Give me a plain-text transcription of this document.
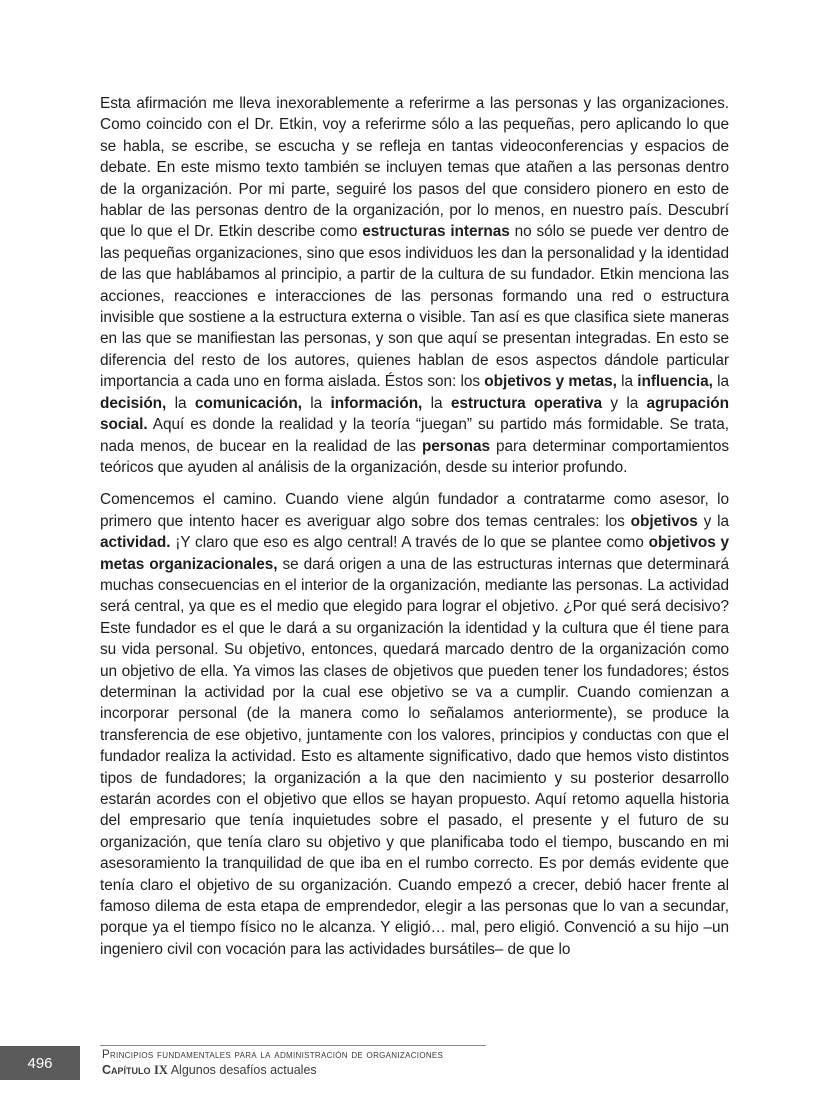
Esta afirmación me lleva inexorablemente a referirme a las personas y las organizaciones. Como coincido con el Dr. Etkin, voy a referirme sólo a las pequeñas, pero aplicando lo que se habla, se escribe, se escucha y se refleja en tantas videoconferencias y espacios de debate. En este mismo texto también se incluyen temas que atañen a las personas dentro de la organización. Por mi parte, seguiré los pasos del que considero pionero en esto de hablar de las personas dentro de la organización, por lo menos, en nuestro país. Descubrí que lo que el Dr. Etkin describe como estructuras internas no sólo se puede ver dentro de las pequeñas organizaciones, sino que esos individuos les dan la personalidad y la identidad de las que hablábamos al principio, a partir de la cultura de su fundador. Etkin menciona las acciones, reacciones e interacciones de las personas formando una red o estructura invisible que sostiene a la estructura externa o visible. Tan así es que clasifica siete maneras en las que se manifiestan las personas, y son que aquí se presentan integradas. En esto se diferencia del resto de los autores, quienes hablan de esos aspectos dándole particular importancia a cada uno en forma aislada. Éstos son: los objetivos y metas, la influencia, la decisión, la comunicación, la información, la estructura operativa y la agrupación social. Aquí es donde la realidad y la teoría “juegan” su partido más formidable. Se trata, nada menos, de bucear en la realidad de las personas para determinar comportamientos teóricos que ayuden al análisis de la organización, desde su interior profundo.

Comencemos el camino. Cuando viene algún fundador a contratarme como asesor, lo primero que intento hacer es averiguar algo sobre dos temas centrales: los objetivos y la actividad. ¡Y claro que eso es algo central! A través de lo que se plantee como objetivos y metas organizacionales, se dará origen a una de las estructuras internas que determinará muchas consecuencias en el interior de la organización, mediante las personas. La actividad será central, ya que es el medio que elegido para lograr el objetivo. ¿Por qué será decisivo? Este fundador es el que le dará a su organización la identidad y la cultura que él tiene para su vida personal. Su objetivo, entonces, quedará marcado dentro de la organización como un objetivo de ella. Ya vimos las clases de objetivos que pueden tener los fundadores; éstos determinan la actividad por la cual ese objetivo se va a cumplir. Cuando comienzan a incorporar personal (de la manera como lo señalamos anteriormente), se produce la transferencia de ese objetivo, juntamente con los valores, principios y conductas con que el fundador realiza la actividad. Esto es altamente significativo, dado que hemos visto distintos tipos de fundadores; la organización a la que den nacimiento y su posterior desarrollo estarán acordes con el objetivo que ellos se hayan propuesto. Aquí retomo aquella historia del empresario que tenía inquietudes sobre el pasado, el presente y el futuro de su organización, que tenía claro su objetivo y que planificaba todo el tiempo, buscando en mi asesoramiento la tranquilidad de que iba en el rumbo correcto. Es por demás evidente que tenía claro el objetivo de su organización. Cuando empezó a crecer, debió hacer frente al famoso dilema de esta etapa de emprendedor, elegir a las personas que lo van a secundar, porque ya el tiempo físico no le alcanza. Y eligió… mal, pero eligió. Convenció a su hijo –un ingeniero civil con vocación para las actividades bursátiles– de que lo

496	Principios fundamentales para la administración de organizaciones
Capítulo IX Algunos desafíos actuales
